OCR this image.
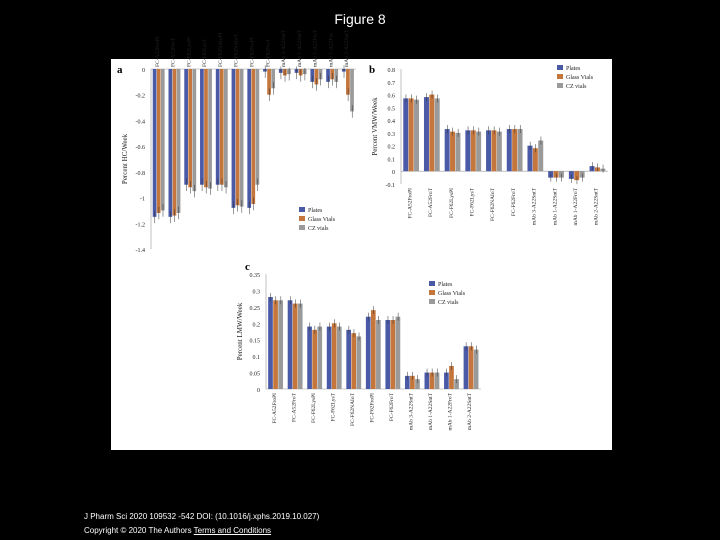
Figure 8
a	0
-0.2
-0.4
-0.6
-0.8
-1
-1.2
-1.4
Percent HC/Week
FC-A52FroPI FC-A52FroT FC-F62LysPI FC-F62LysT FC-F62NAIoPI FC-F62NAIoT FC-F62FroPI FC-F62FroT mAb 3-A22SntT mAb 1-A22SntT mAb 1-A22FroT mAb 1-A22Fro mAb 2-A22SntT
Plates
Glass Vials
CZ vials
b 0.8
0.7
0.6
0.5
0.4
0.3
0.2
0.1
0
-0.1
Percent VMW/Week
FC-A52FroPI	FC-A52FroT	FC-F62LysPI	FC-F62LysT	FC-F62NAIoT	FC-F62FroT	mAb 3-A22SntT	mAb 1-A22SntT	mAb 1-A22FroT	mAb 2-A22SntT
Plates
Glass Vials
CZ vials
c
0.35
0.3
0.25
0.2
0.15
0.1
0.05
0
Percent LMW/Week
FC-A52FroPI FC-A52FroT FC-F62LysPI FC-F62LysT FC-F62NAIoT FC-F62FroPI FC-F62FroT mAb 3-A22SntT mAb 1-A22SntT mAb 1-A22FroT mAb 2-A22SntT
Plates
Glass Vials
CZ vials
J Pharm Sci 2020 109532 -542 DOI: (10.1016/j.xphs.2019.10.027)
Copyright © 2020 The Authors Terms and Conditions
